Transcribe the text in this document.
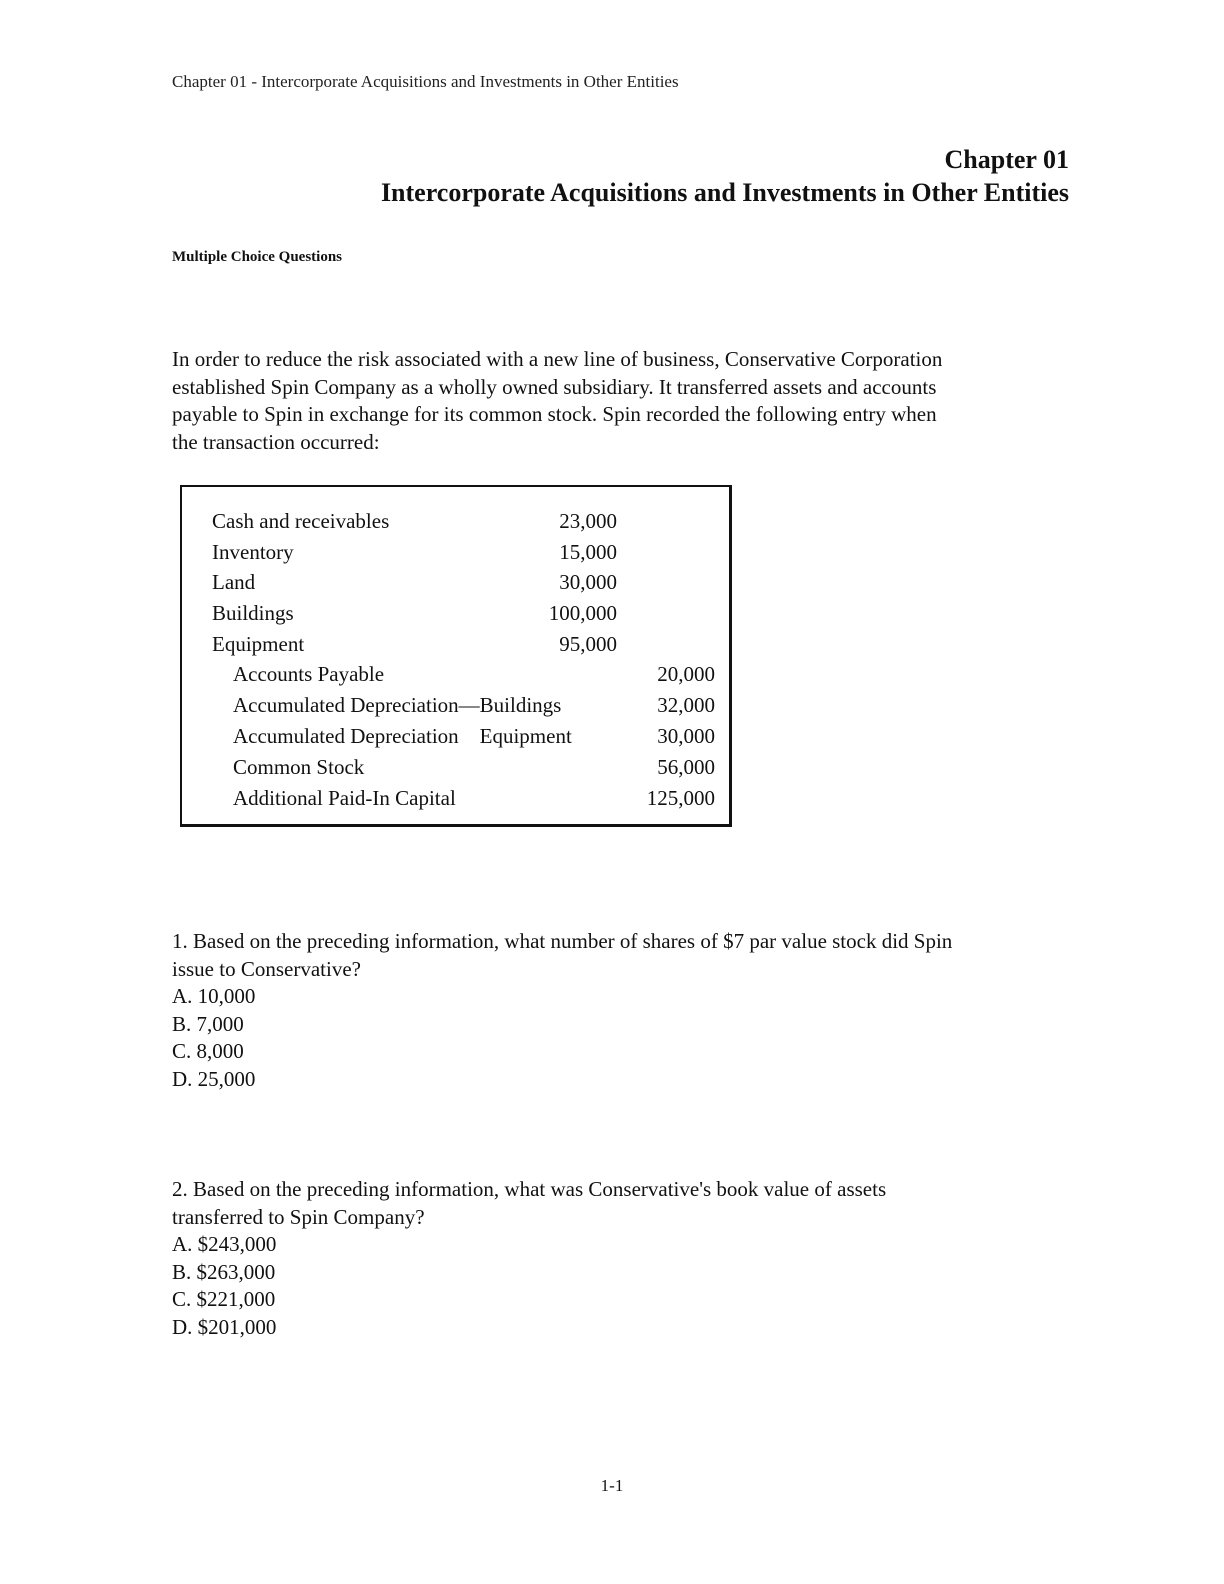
Chapter 01 - Intercorporate Acquisitions and Investments in Other Entities
Chapter 01
Intercorporate Acquisitions and Investments in Other Entities
Multiple Choice Questions

In order to reduce the risk associated with a new line of business, Conservative Corporation

established Spin Company as a wholly owned subsidiary. It transferred assets and accounts

payable to Spin in exchange for its common stock. Spin recorded the following entry when

the transaction occurred:

Cash and receivables	23,000
Inventory	15,000
Land	30,000
Buildings	100,000
Equipment	95,000
Accounts Payable	20,000
Accumulated Depreciation—Buildings	32,000
Accumulated Depreciation    Equipment	30,000
Common Stock	56,000
Additional Paid-In Capital	125,000

1. Based on the preceding information, what number of shares of $7 par value stock did Spin

issue to Conservative?

A. 10,000

B. 7,000

C. 8,000

D. 25,000

2. Based on the preceding information, what was Conservative's book value of assets

transferred to Spin Company?

A. $243,000

B. $263,000

C. $221,000

D. $201,000

1-1
